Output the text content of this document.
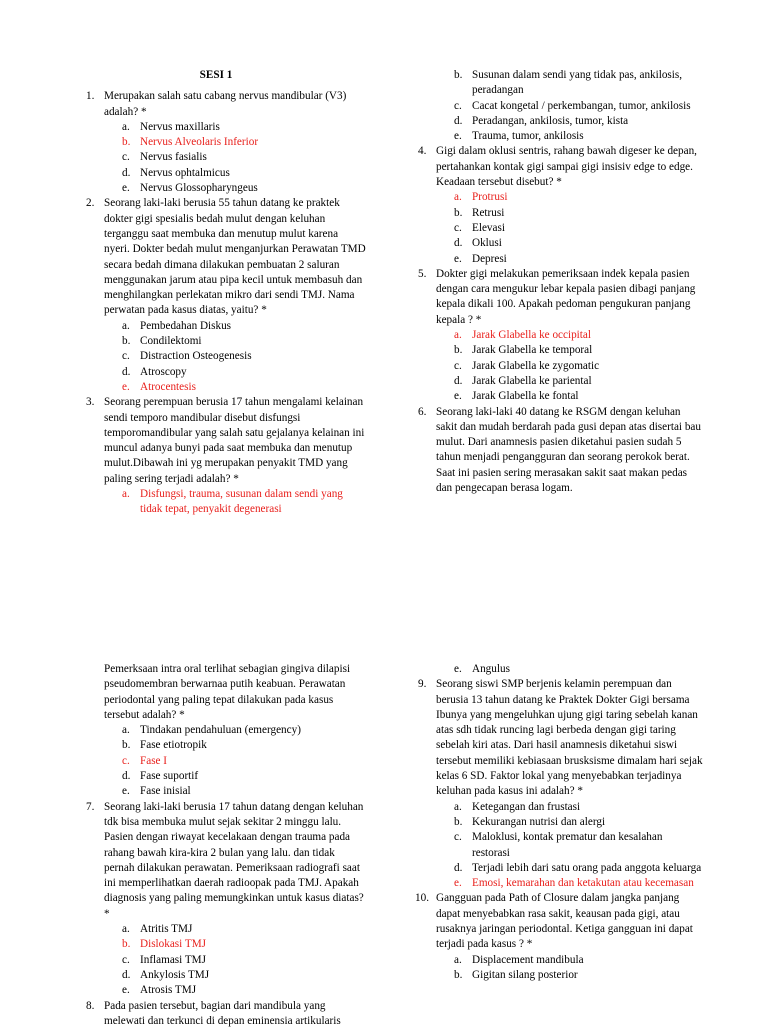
SESI 1
1. Merupakan salah satu cabang nervus mandibular (V3) adalah? *
a. Nervus maxillaris
b. Nervus Alveolaris Inferior
c. Nervus fasialis
d. Nervus ophtalmicus
e. Nervus Glossopharyngeus
2. Seorang laki-laki berusia 55 tahun datang ke praktek dokter gigi spesialis bedah mulut dengan keluhan terganggu saat membuka dan menutup mulut karena nyeri. Dokter bedah mulut menganjurkan Perawatan TMD secara bedah dimana dilakukan pembuatan 2 saluran menggunakan jarum atau pipa kecil untuk membasuh dan menghilangkan perlekatan mikro dari sendi TMJ. Nama perwatan pada kasus diatas, yaitu? *
a. Pembedahan Diskus
b. Condilektomi
c. Distraction Osteogenesis
d. Atroscopy
e. Atrocentesis
3. Seorang perempuan berusia 17 tahun mengalami kelainan sendi temporo mandibular disebut disfungsi temporomandibular yang salah satu gejalanya kelainan ini muncul adanya bunyi pada saat membuka dan menutup mulut.Dibawah ini yg merupakan penyakit TMD yang paling sering terjadi adalah? *
a. Disfungsi, trauma, susunan dalam sendi yang tidak tepat, penyakit degenerasi
b. Susunan dalam sendi yang tidak pas, ankilosis, peradangan
c. Cacat kongetal / perkembangan, tumor, ankilosis
d. Peradangan, ankilosis, tumor, kista
e. Trauma, tumor, ankilosis
4. Gigi dalam oklusi sentris, rahang bawah digeser ke depan, pertahankan kontak gigi sampai gigi insisiv edge to edge. Keadaan tersebut disebut? *
a. Protrusi
b. Retrusi
c. Elevasi
d. Oklusi
e. Depresi
5. Dokter gigi melakukan pemeriksaan indek kepala pasien dengan cara mengukur lebar kepala pasien dibagi panjang kepala dikali 100. Apakah pedoman pengukuran panjang kepala ? *
a. Jarak Glabella ke occipital
b. Jarak Glabella ke temporal
c. Jarak Glabella ke zygomatic
d. Jarak Glabella ke pariental
e. Jarak Glabella ke fontal
6. Seorang laki-laki 40 datang ke RSGM dengan keluhan sakit dan mudah berdarah pada gusi depan atas disertai bau mulut. Dari anamnesis pasien diketahui pasien sudah 5 tahun menjadi pengangguran dan seorang perokok berat. Saat ini pasien sering merasakan sakit saat makan pedas dan pengecapan berasa logam.
Pemerksaan intra oral terlihat sebagian gingiva dilapisi pseudomembran berwarnaa putih keabuan. Perawatan periodontal yang paling tepat dilakukan pada kasus tersebut adalah? *
a. Tindakan pendahuluan (emergency)
b. Fase etiotropik
c. Fase I
d. Fase suportif
e. Fase inisial
7. Seorang laki-laki berusia 17 tahun datang dengan keluhan tdk bisa membuka mulut sejak sekitar 2 minggu lalu. Pasien dengan riwayat kecelakaan dengan trauma pada rahang bawah kira-kira 2 bulan yang lalu. dan tidak pernah dilakukan perawatan. Pemeriksaan radiografi saat ini memperlihatkan daerah radioopak pada TMJ. Apakah diagnosis yang paling memungkinkan untuk kasus diatas? *
a. Atritis TMJ
b. Dislokasi TMJ
c. Inflamasi TMJ
d. Ankylosis TMJ
e. Atrosis TMJ
8. Pada pasien tersebut, bagian dari mandibula yang melewati dan terkunci di depan eminensia artikularis
e. Angulus
9. Seorang siswi SMP berjenis kelamin perempuan dan berusia 13 tahun datang ke Praktek Dokter Gigi bersama Ibunya yang mengeluhkan ujung gigi taring sebelah kanan atas sdh tidak runcing lagi berbeda dengan gigi taring sebelah kiri atas. Dari hasil anamnesis diketahui siswi tersebut memiliki kebiasaan brusksisme dimalam hari sejak kelas 6 SD. Faktor lokal yang menyebabkan terjadinya keluhan pada kasus ini adalah? *
a. Ketegangan dan frustasi
b. Kekurangan nutrisi dan alergi
c. Maloklusi, kontak prematur dan kesalahan restorasi
d. Terjadi lebih dari satu orang pada anggota keluarga
e. Emosi, kemarahan dan ketakutan atau kecemasan
10. Gangguan pada Path of Closure dalam jangka panjang dapat menyebabkan rasa sakit, keausan pada gigi, atau rusaknya jaringan periodontal. Ketiga gangguan ini dapat terjadi pada kasus ? *
a. Displacement mandibula
b. Gigitan silang posterior
